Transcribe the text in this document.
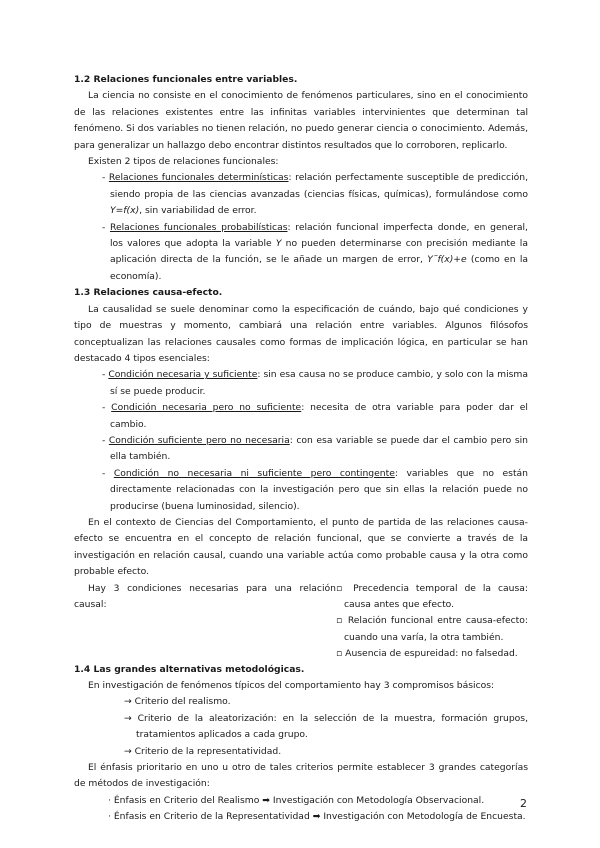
1.2 Relaciones funcionales entre variables.

La ciencia no consiste en el conocimiento de fenómenos particulares, sino en el conocimiento de las relaciones existentes entre las infinitas variables intervinientes que determinan tal fenómeno. Si dos variables no tienen relación, no puedo generar ciencia o conocimiento. Además, para generalizar un hallazgo debo encontrar distintos resultados que lo corroboren, replicarlo.

Existen 2 tipos de relaciones funcionales:

- Relaciones funcionales determinísticas: relación perfectamente susceptible de predicción, siendo propia de las ciencias avanzadas (ciencias físicas, químicas), formulándose como Y=f(x), sin variabilidad de error.

- Relaciones funcionales probabilísticas: relación funcional imperfecta donde, en general, los valores que adopta la variable Y no pueden determinarse con precisión mediante la aplicación directa de la función, se le añade un margen de error, Y˜f(x)+e (como en la economía).

1.3 Relaciones causa-efecto.

La causalidad se suele denominar como la especificación de cuándo, bajo qué condiciones y tipo de muestras y momento, cambiará una relación entre variables. Algunos filósofos conceptualizan las relaciones causales como formas de implicación lógica, en particular se han destacado 4 tipos esenciales:

- Condición necesaria y suficiente: sin esa causa no se produce cambio, y solo con la misma sí se puede producir.

- Condición necesaria pero no suficiente: necesita de otra variable para poder dar el cambio.

- Condición suficiente pero no necesaria: con esa variable se puede dar el cambio pero sin ella también.

- Condición no necesaria ni suficiente pero contingente: variables que no están directamente relacionadas con la investigación pero que sin ellas la relación puede no producirse (buena luminosidad, silencio).

En el contexto de Ciencias del Comportamiento, el punto de partida de las relaciones causa-efecto se encuentra en el concepto de relación funcional, que se convierte a través de la investigación en relación causal, cuando una variable actúa como probable causa y la otra como probable efecto.

Hay 3 condiciones necesarias para una relación causal:

▫ Precedencia temporal de la causa: causa antes que efecto.

▫ Relación funcional entre causa-efecto: cuando una varía, la otra también.

▫ Ausencia de espureidad: no falsedad.

1.4 Las grandes alternativas metodológicas.

En investigación de fenómenos típicos del comportamiento hay 3 compromisos básicos:

→ Criterio del realismo.

→ Criterio de la aleatorización: en la selección de la muestra, formación grupos, tratamientos aplicados a cada grupo.

→ Criterio de la representatividad.

El énfasis prioritario en uno u otro de tales criterios permite establecer 3 grandes categorías de métodos de investigación:

· Énfasis en Criterio del Realismo ➡ Investigación con Metodología Observacional.

· Énfasis en Criterio de la Representatividad ➡ Investigación con Metodología de Encuesta.

2
